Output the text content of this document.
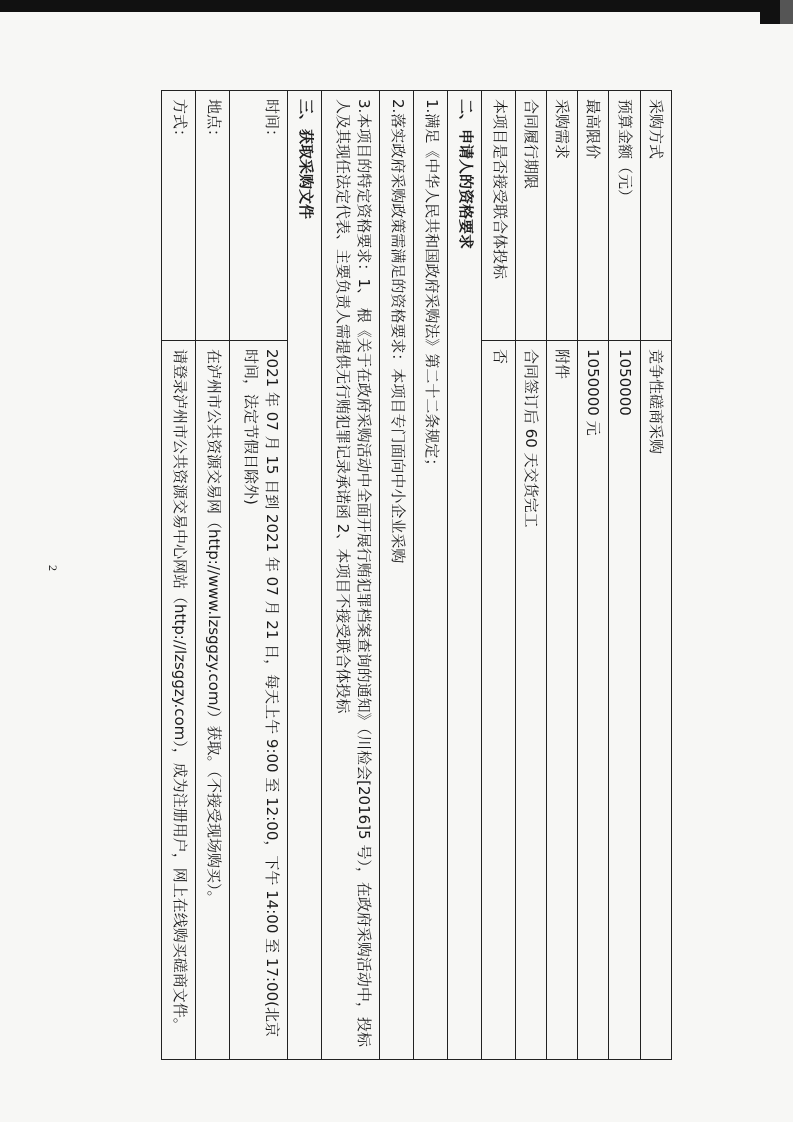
采购方式	竞争性磋商采购
预算金额（元）	1050000
最高限价	1050000 元
采购需求	附件
合同履行期限	合同签订后 60 天交货完工
本项目是否接受联合体投标	否
二、申请人的资格要求	
1.满足《中华人民共和国政府采购法》第二十二条规定；	
2.落实政府采购政策需满足的资格要求：本项目专门面向中小企业采购	
3.本项目的特定资格要求：1、 根《关于在政府采购活动中全面开展行贿犯罪档案查询的通知》（川检会[2016]5 号），在政府采购活动中，投标人及其现任法定代表、主要负责人需提供无行贿犯罪记录承诺函 2、本项目不接受联合体投标	
三、获取采购文件	
时间：	2021 年 07 月 15 日到 2021 年 07 月 21 日，每天上午 9:00 至 12:00，下午 14:00 至 17:00(北京时间，法定节假日除外)
地点：	在泸州市公共资源交易网（http://www.lzsggzy.com/）获取。（不接受现场购买）。
方式：	请登录泸州市公共资源交易中心网站（http://lzsggzy.com），成为注册用户，网上在线购买磋商文件。
2
